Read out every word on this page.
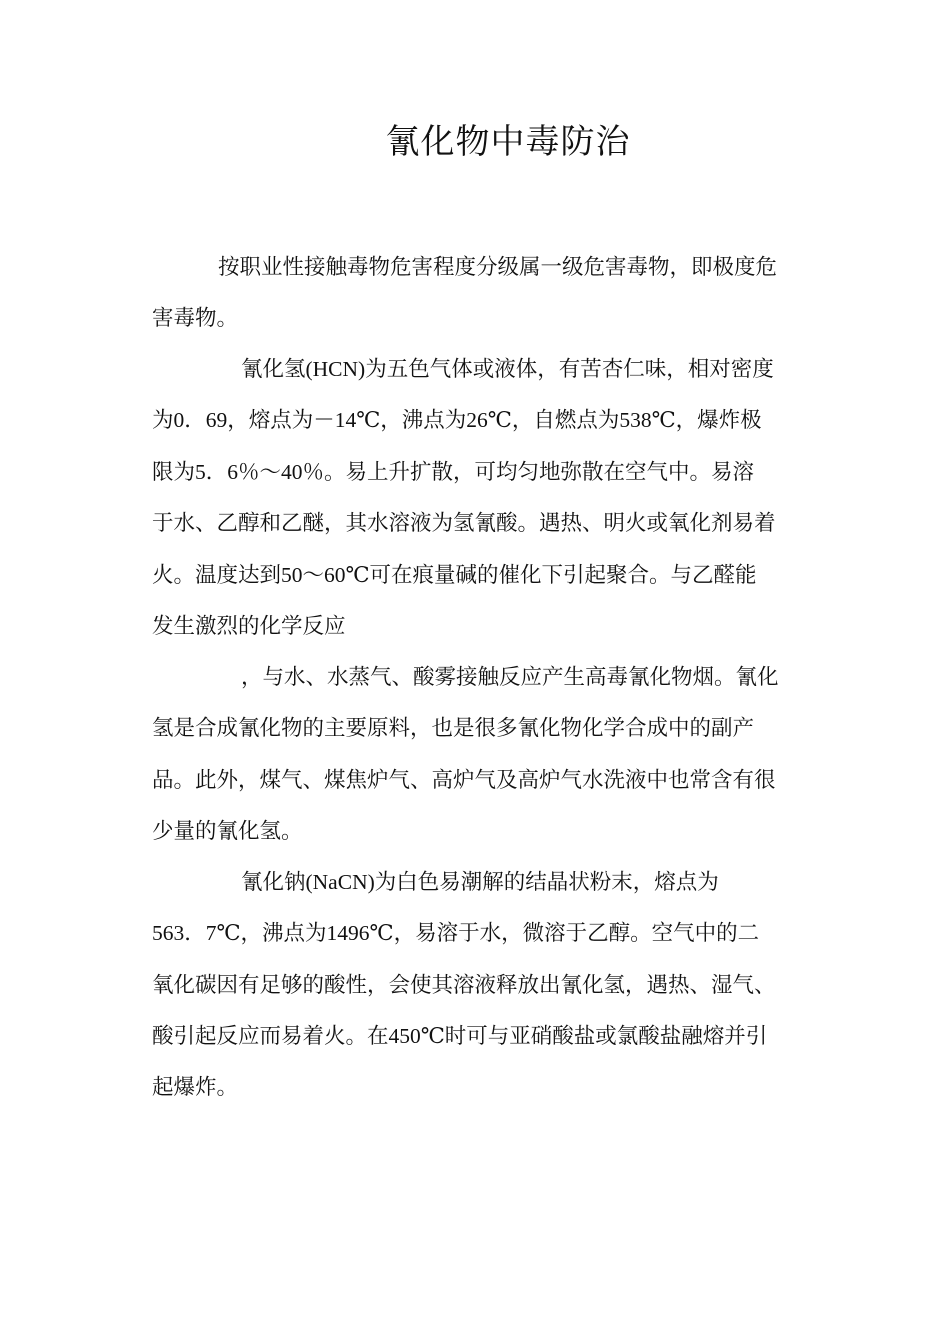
氰化物中毒防治

按职业性接触毒物危害程度分级属一级危害毒物，即极度危

害毒物。

氰化氢(HCN)为五色气体或液体，有苦杏仁味，相对密度

为0．69，熔点为－14℃，沸点为26℃，自燃点为538℃，爆炸极

限为5．6％～40％。易上升扩散，可均匀地弥散在空气中。易溶

于水、乙醇和乙醚，其水溶液为氢氰酸。遇热、明火或氧化剂易着

火。温度达到50～60℃可在痕量碱的催化下引起聚合。与乙醛能

发生激烈的化学反应

，与水、水蒸气、酸雾接触反应产生高毒氰化物烟。氰化

氢是合成氰化物的主要原料，也是很多氰化物化学合成中的副产

品。此外，煤气、煤焦炉气、高炉气及高炉气水洗液中也常含有很

少量的氰化氢。

氰化钠(NaCN)为白色易潮解的结晶状粉末，熔点为

563．7℃，沸点为1496℃，易溶于水，微溶于乙醇。空气中的二

氧化碳因有足够的酸性，会使其溶液释放出氰化氢，遇热、湿气、

酸引起反应而易着火。在450℃时可与亚硝酸盐或氯酸盐融熔并引

起爆炸。
